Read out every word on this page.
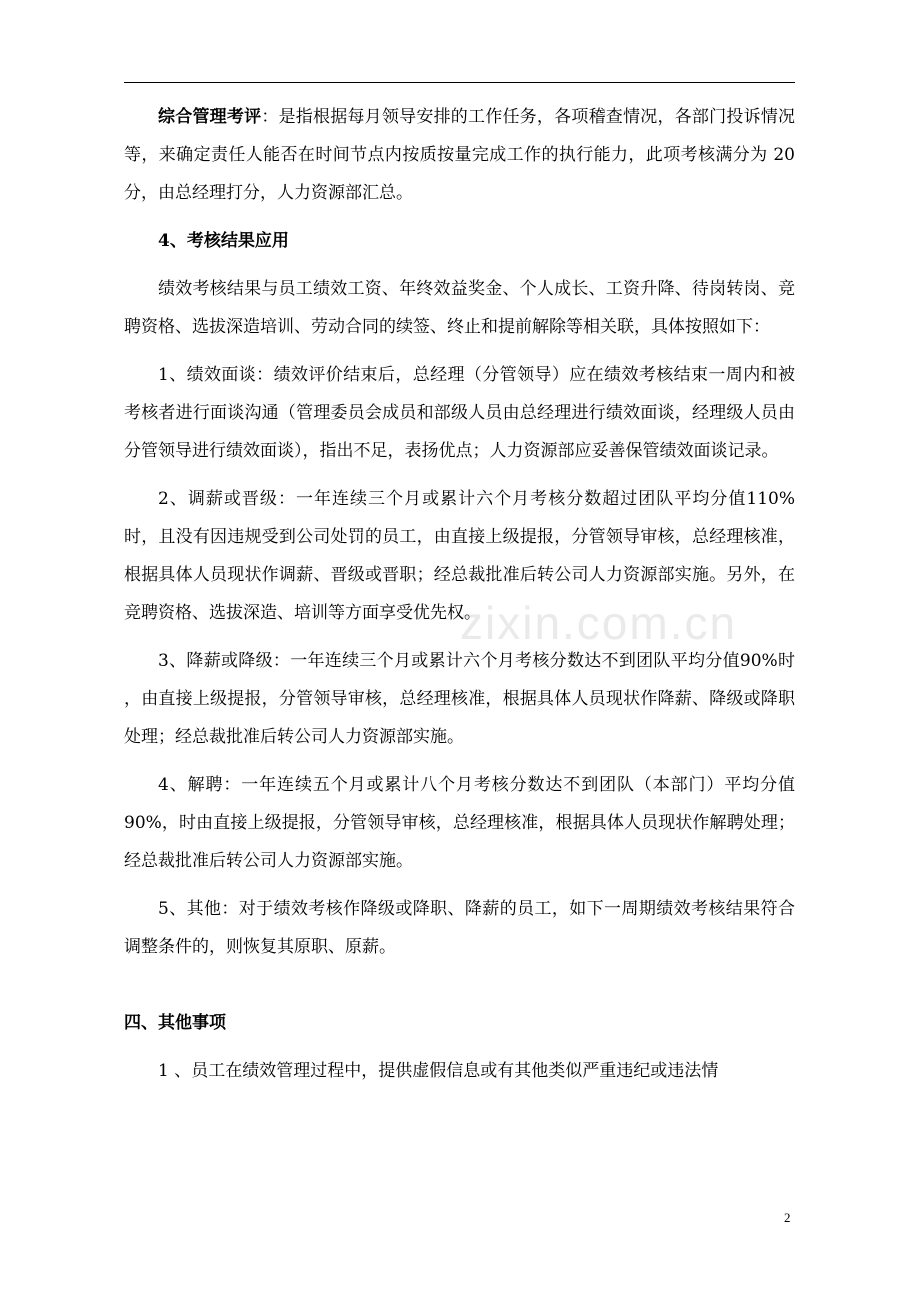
综合管理考评：是指根据每月领导安排的工作任务，各项稽查情况，各部门投诉情况等，来确定责任人能否在时间节点内按质按量完成工作的执行能力，此项考核满分为 20 分，由总经理打分，人力资源部汇总。

4、考核结果应用

绩效考核结果与员工绩效工资、年终效益奖金、个人成长、工资升降、待岗转岗、竞聘资格、选拔深造培训、劳动合同的续签、终止和提前解除等相关联，具体按照如下：

1、绩效面谈：绩效评价结束后，总经理（分管领导）应在绩效考核结束一周内和被考核者进行面谈沟通（管理委员会成员和部级人员由总经理进行绩效面谈，经理级人员由分管领导进行绩效面谈），指出不足，表扬优点；人力资源部应妥善保管绩效面谈记录。

2、调薪或晋级：一年连续三个月或累计六个月考核分数超过团队平均分值110%时，且没有因违规受到公司处罚的员工，由直接上级提报，分管领导审核，总经理核准，根据具体人员现状作调薪、晋级或晋职；经总裁批准后转公司人力资源部实施。另外，在竞聘资格、选拔深造、培训等方面享受优先权。

3、降薪或降级：一年连续三个月或累计六个月考核分数达不到团队平均分值90%时 ，由直接上级提报，分管领导审核，总经理核准，根据具体人员现状作降薪、降级或降职处理；经总裁批准后转公司人力资源部实施。

4、解聘：一年连续五个月或累计八个月考核分数达不到团队（本部门）平均分值 90%，时由直接上级提报，分管领导审核，总经理核准，根据具体人员现状作解聘处理；经总裁批准后转公司人力资源部实施。

5、其他：对于绩效考核作降级或降职、降薪的员工，如下一周期绩效考核结果符合调整条件的，则恢复其原职、原薪。

四、其他事项

1 、员工在绩效管理过程中，提供虚假信息或有其他类似严重违纪或违法情

zixin.com.cn
2
